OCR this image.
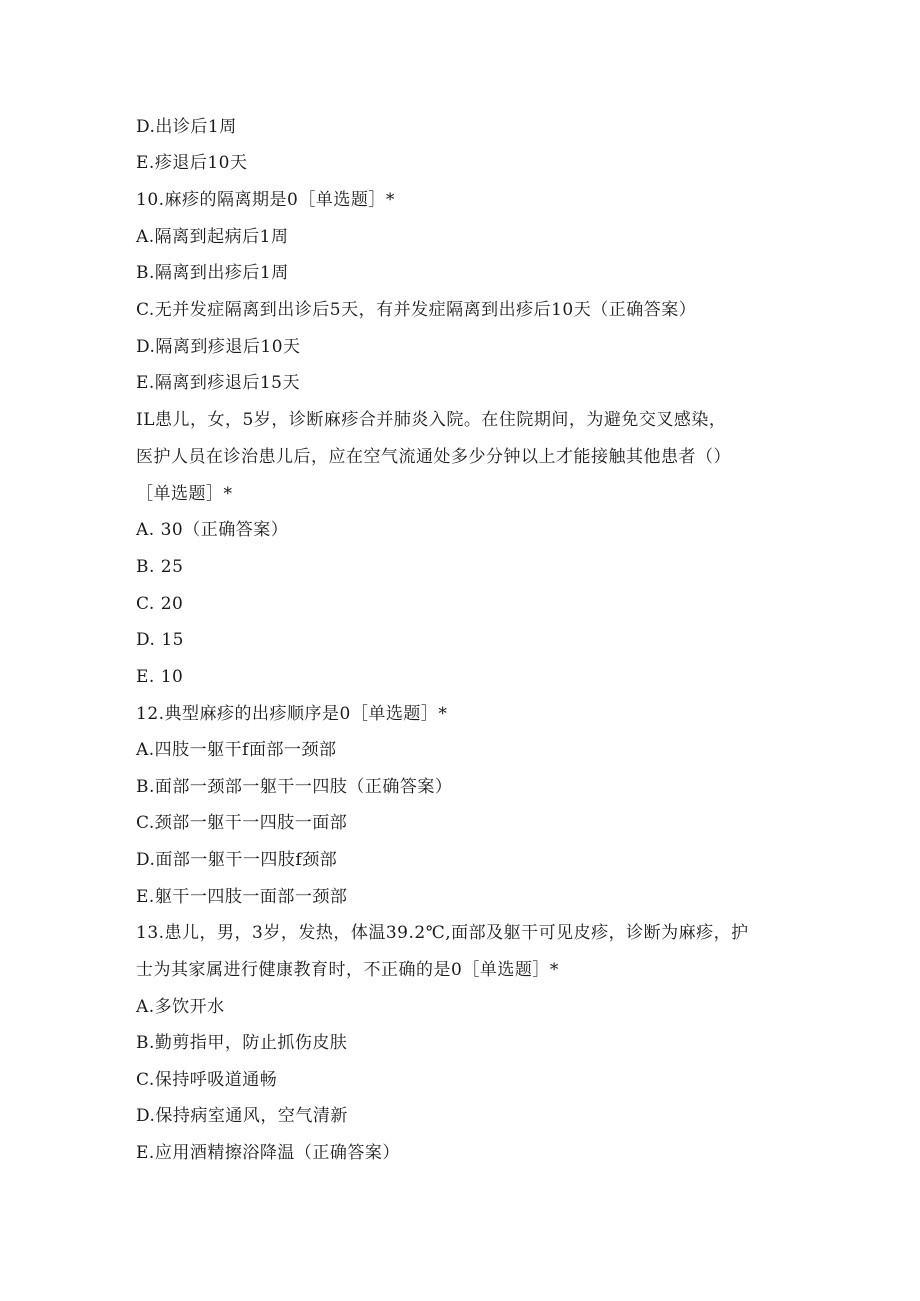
D.出诊后1周
E.疹退后10天
10.麻疹的隔离期是0［单选题］*
A.隔离到起病后1周
B.隔离到出疹后1周
C.无并发症隔离到出诊后5天，有并发症隔离到出疹后10天（正确答案）
D.隔离到疹退后10天
E.隔离到疹退后15天
IL患儿，女，5岁，诊断麻疹合并肺炎入院。在住院期间，为避免交叉感染，
医护人员在诊治患儿后，应在空气流通处多少分钟以上才能接触其他患者（）
［单选题］*
A. 30（正确答案）
B. 25
C. 20
D. 15
E. 10
12.典型麻疹的出疹顺序是0［单选题］*
A.四肢一躯干f面部一颈部
B.面部一颈部一躯干一四肢（正确答案）
C.颈部一躯干一四肢一面部
D.面部一躯干一四肢f颈部
E.躯干一四肢一面部一颈部
13.患儿，男，3岁，发热，体温39.2℃,面部及躯干可见皮疹，诊断为麻疹，护
士为其家属进行健康教育时，不正确的是0［单选题］*
A.多饮开水
B.勤剪指甲，防止抓伤皮肤
C.保持呼吸道通畅
D.保持病室通风，空气清新
E.应用酒精擦浴降温（正确答案）
